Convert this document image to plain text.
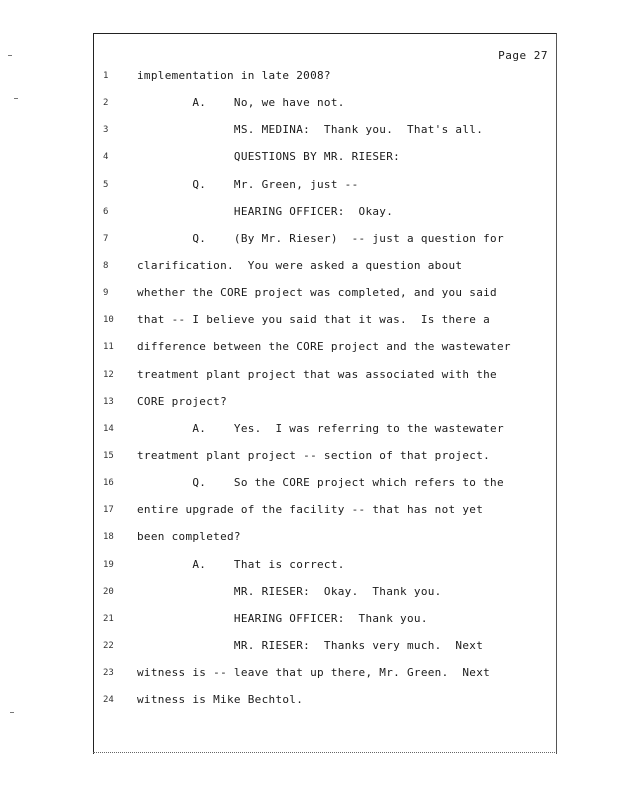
Page 27
1	implementation in late 2008?
2	A.    No, we have not.
3	MS. MEDINA:  Thank you.  That's all.
4	QUESTIONS BY MR. RIESER:
5	Q.    Mr. Green, just --
6	HEARING OFFICER:  Okay.
7	Q.    (By Mr. Rieser)  -- just a question for
8	clarification.  You were asked a question about
9	whether the CORE project was completed, and you said
10	that -- I believe you said that it was.  Is there a
11	difference between the CORE project and the wastewater
12	treatment plant project that was associated with the
13	CORE project?
14	A.    Yes.  I was referring to the wastewater
15	treatment plant project -- section of that project.
16	Q.    So the CORE project which refers to the
17	entire upgrade of the facility -- that has not yet
18	been completed?
19	A.    That is correct.
20	MR. RIESER:  Okay.  Thank you.
21	HEARING OFFICER:  Thank you.
22	MR. RIESER:  Thanks very much.  Next
23	witness is -- leave that up there, Mr. Green.  Next
24	witness is Mike Bechtol.
